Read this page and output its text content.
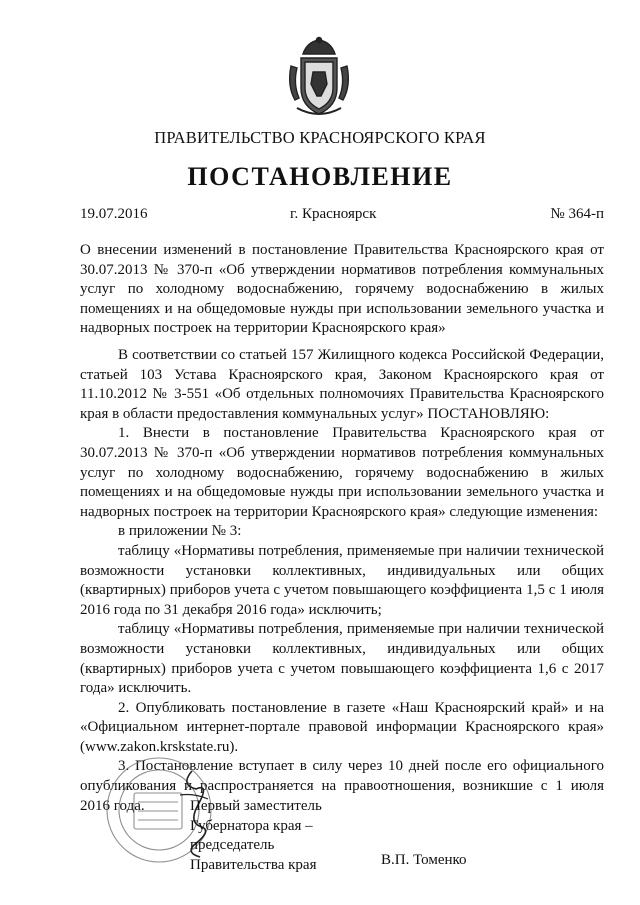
ПРАВИТЕЛЬСТВО КРАСНОЯРСКОГО КРАЯ
ПОСТАНОВЛЕНИЕ
19.07.2016	г. Красноярск	№ 364-п
О внесении изменений в постановление Правительства Красноярского края от 30.07.2013 № 370-п «Об утверждении нормативов потребления коммунальных услуг по холодному водоснабжению, горячему водоснабжению в жилых помещениях и на общедомовые нужды при использовании земельного участка и надворных построек на территории Красноярского края»

В соответствии со статьей 157 Жилищного кодекса Российской Федерации, статьей 103 Устава Красноярского края, Законом Красноярского края от 11.10.2012 № 3-551 «Об отдельных полномочиях Правительства Красноярского края в области предоставления коммунальных услуг» ПОСТАНОВЛЯЮ:

1. Внести в постановление Правительства Красноярского края от 30.07.2013 № 370-п «Об утверждении нормативов потребления коммунальных услуг по холодному водоснабжению, горячему водоснабжению в жилых помещениях и на общедомовые нужды при использовании земельного участка и надворных построек на территории Красноярского края» следующие изменения:

в приложении № 3:

таблицу «Нормативы потребления, применяемые при наличии технической возможности установки коллективных, индивидуальных или общих (квартирных) приборов учета с учетом повышающего коэффициента 1,5 с 1 июля 2016 года по 31 декабря 2016 года» исключить;

таблицу «Нормативы потребления, применяемые при наличии технической возможности установки коллективных, индивидуальных или общих (квартирных) приборов учета с учетом повышающего коэффициента 1,6 с 2017 года» исключить.

2. Опубликовать постановление в газете «Наш Красноярский край» и на «Официальном интернет-портале правовой информации Красноярского края» (www.zakon.krskstate.ru).

3. Постановление вступает в силу через 10 дней после его официального опубликования и распространяется на правоотношения, возникшие с 1 июля 2016 года.	Первый заместитель
Губернатора края –
председатель
Правительства края	В.П. Томенко
